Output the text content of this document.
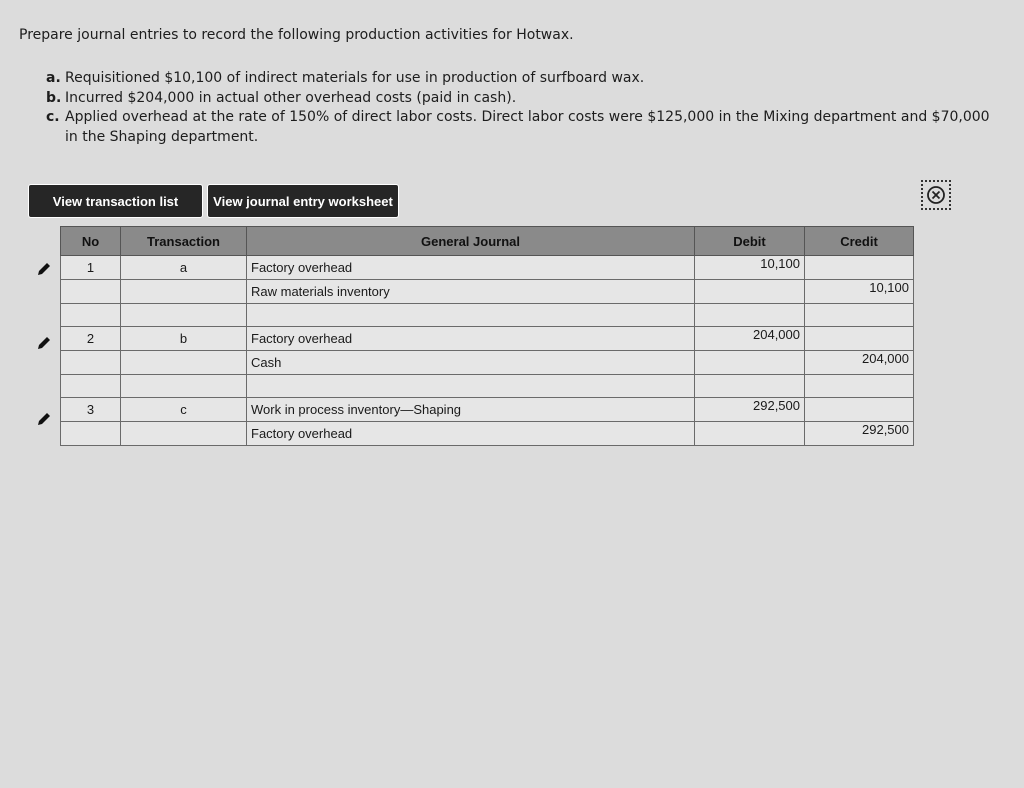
Prepare journal entries to record the following production activities for Hotwax.
a. Requisitioned $10,100 of indirect materials for use in production of surfboard wax.
b. Incurred $204,000 in actual other overhead costs (paid in cash).
c. Applied overhead at the rate of 150% of direct labor costs. Direct labor costs were $125,000 in the Mixing department and $70,000 in the Shaping department.
View transaction list	View journal entry worksheet
No	Transaction	General Journal	Debit	Credit
1	a	Factory overhead	10,100	
		Raw materials inventory		10,100

2	b	Factory overhead	204,000	
		Cash		204,000

3	c	Work in process inventory—Shaping	292,500	
		Factory overhead		292,500
